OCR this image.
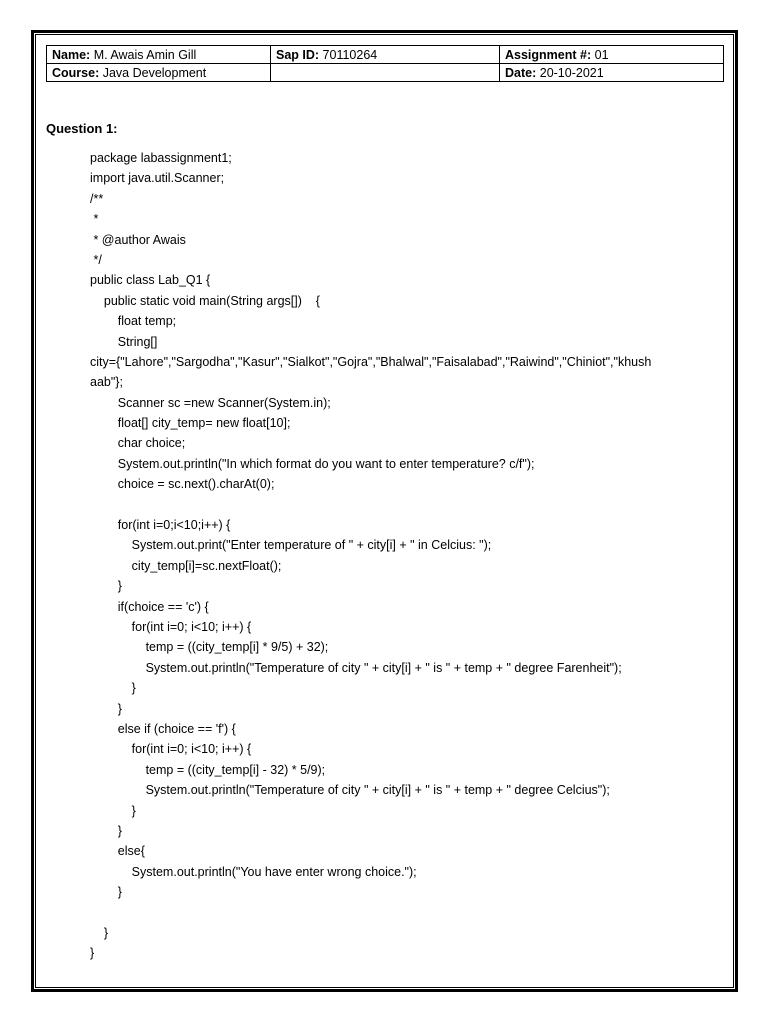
Name: M. Awais Amin Gill	Sap ID: 70110264	Assignment #: 01
Course: Java Development		Date: 20-10-2021
Question 1:
package labassignment1;
import java.util.Scanner;
/**
*
* @author Awais
*/
public class Lab_Q1 {
public static void main(String args[])    {
float temp;
String[]
city={"Lahore","Sargodha","Kasur","Sialkot","Gojra","Bhalwal","Faisalabad","Raiwind","Chiniot","khush
aab"};
Scanner sc =new Scanner(System.in);
float[] city_temp= new float[10];
char choice;
System.out.println("In which format do you want to enter temperature? c/f");
choice = sc.next().charAt(0);
for(int i=0;i<10;i++) {
System.out.print("Enter temperature of " + city[i] + " in Celcius: ");
city_temp[i]=sc.nextFloat();
}
if(choice == 'c') {
for(int i=0; i<10; i++) {
temp = ((city_temp[i] * 9/5) + 32);
System.out.println("Temperature of city " + city[i] + " is " + temp + " degree Farenheit");
}
}
else if (choice == 'f') {
for(int i=0; i<10; i++) {
temp = ((city_temp[i] - 32) * 5/9);
System.out.println("Temperature of city " + city[i] + " is " + temp + " degree Celcius");
}
}
else{
System.out.println("You have enter wrong choice.");
}
}
}
